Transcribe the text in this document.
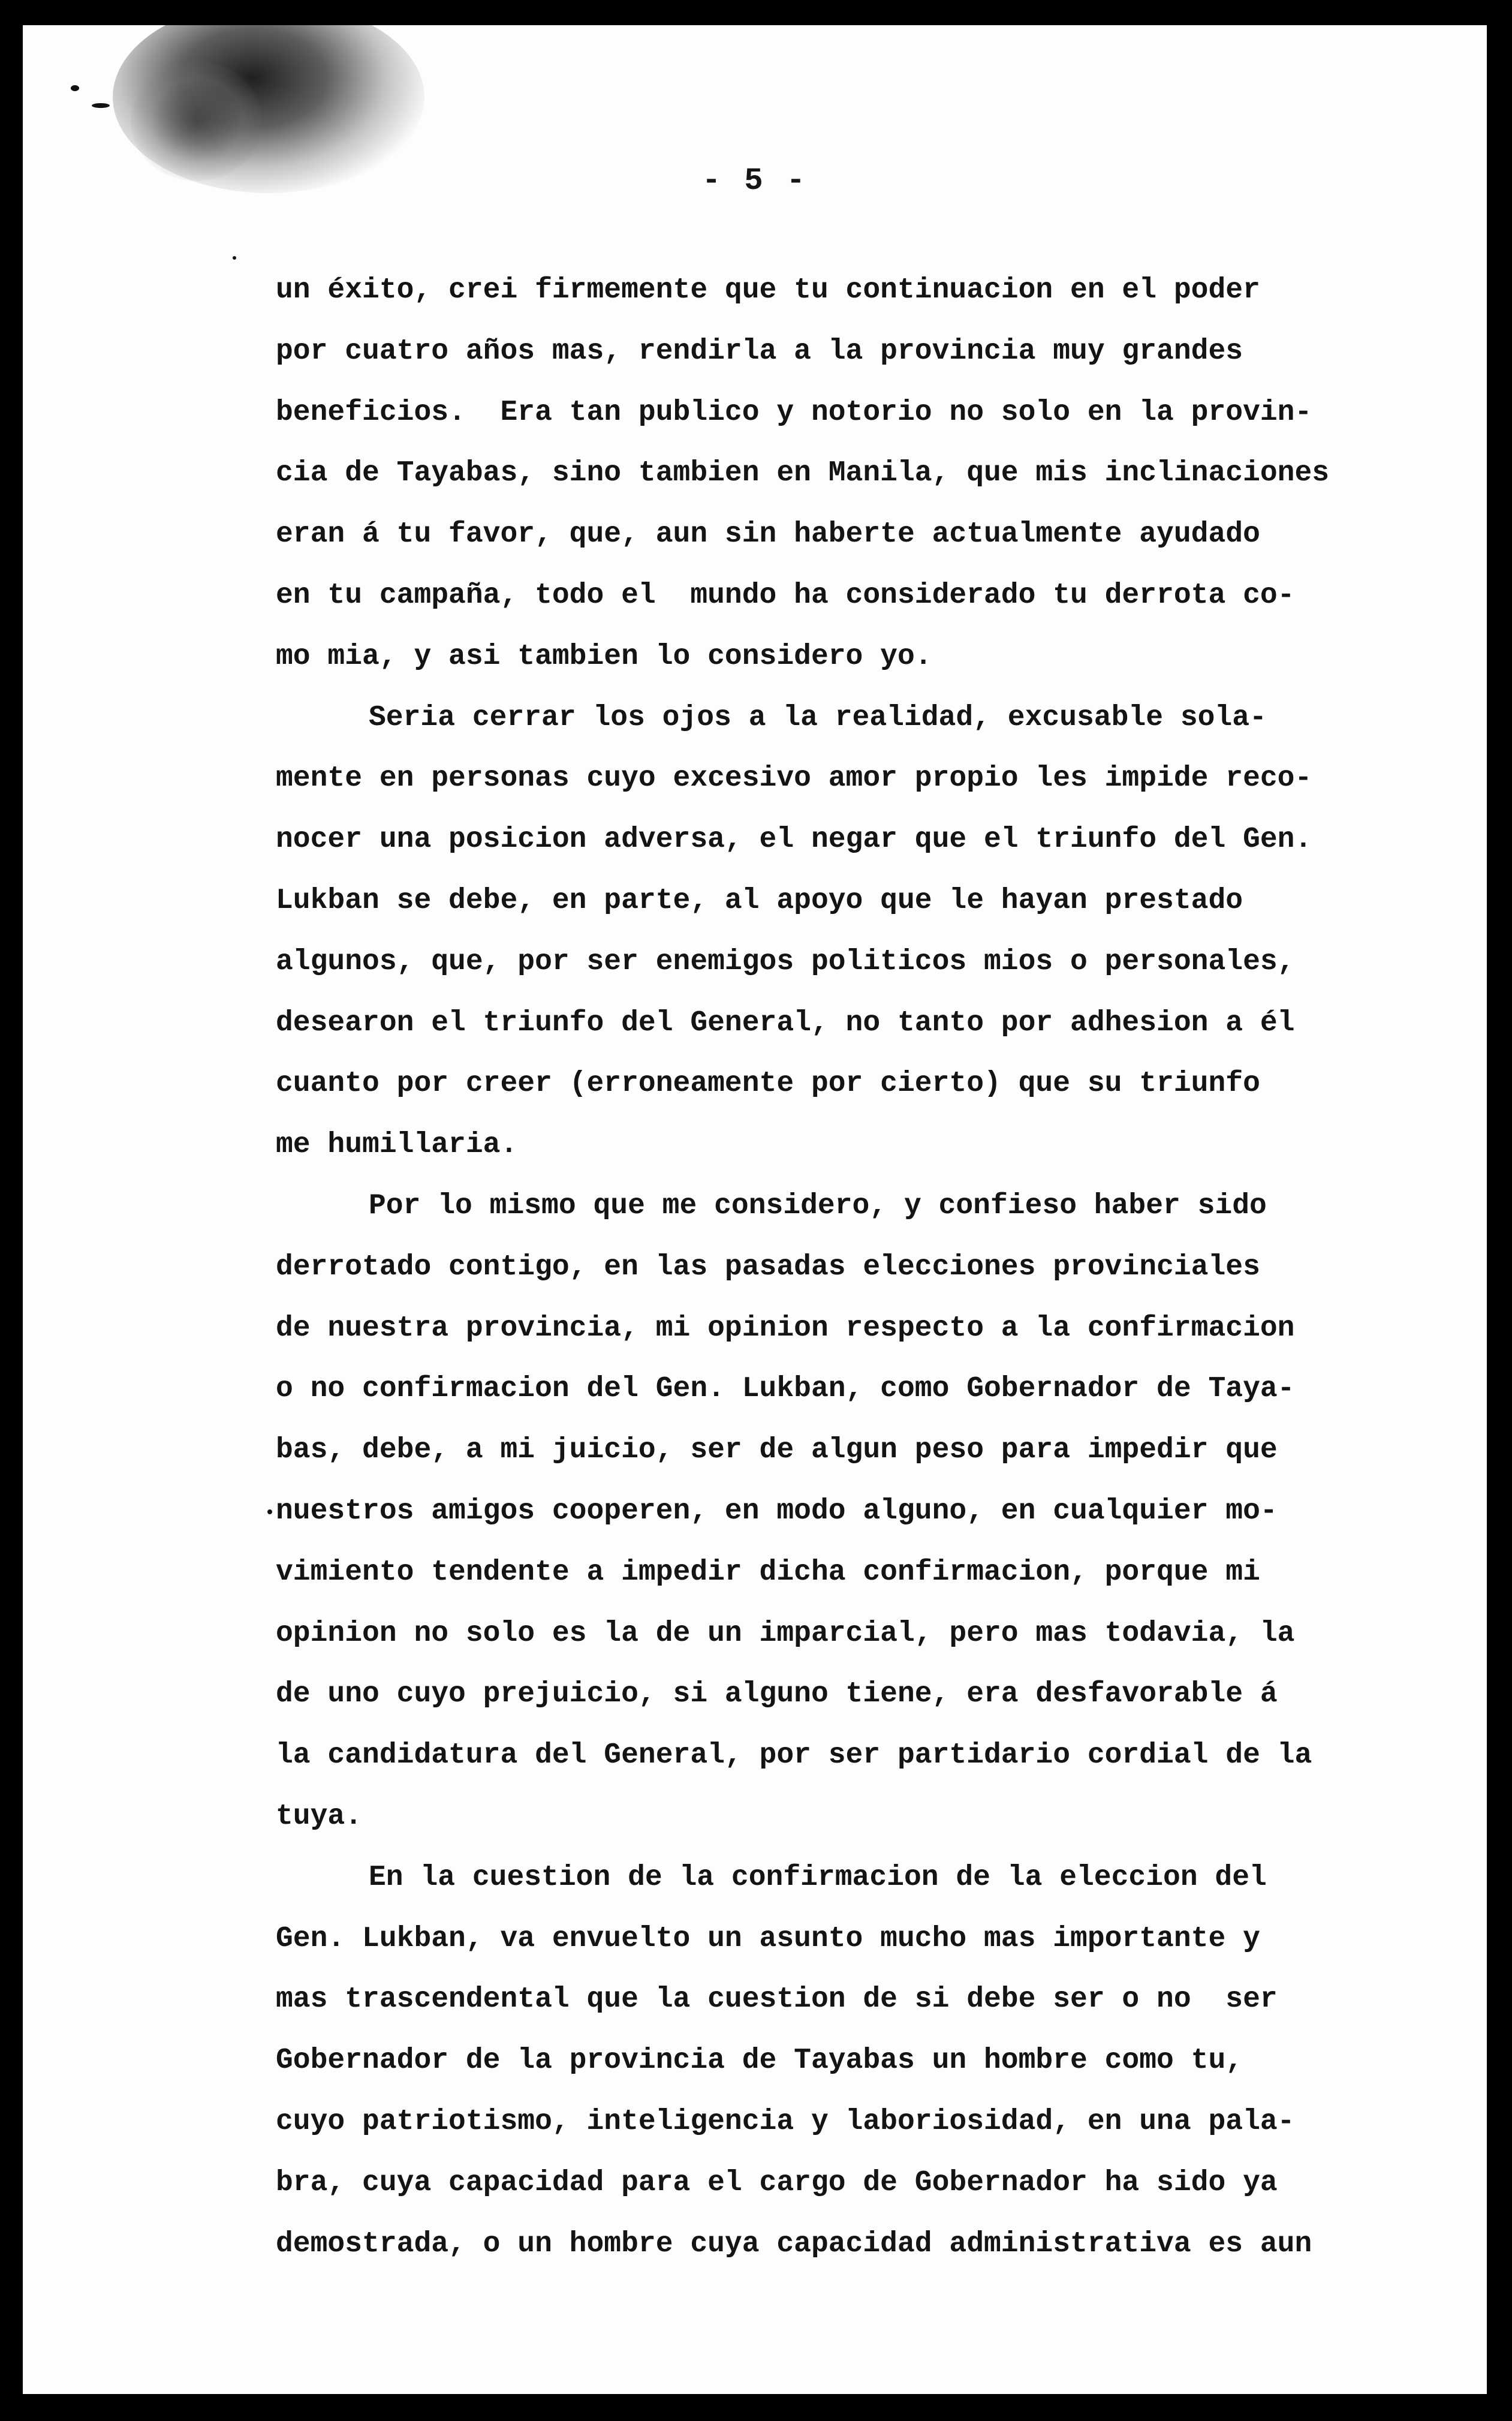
- 5 -
un éxito, crei firmemente que tu continuacion en el poder
por cuatro años mas, rendirla a la provincia muy grandes
beneficios.  Era tan publico y notorio no solo en la provin-
cia de Tayabas, sino tambien en Manila, que mis inclinaciones
eran á tu favor, que, aun sin haberte actualmente ayudado
en tu campaña, todo el  mundo ha considerado tu derrota co-
mo mia, y asi tambien lo considero yo.
Seria cerrar los ojos a la realidad, excusable sola-
mente en personas cuyo excesivo amor propio les impide reco-
nocer una posicion adversa, el negar que el triunfo del Gen.
Lukban se debe, en parte, al apoyo que le hayan prestado
algunos, que, por ser enemigos politicos mios o personales,
desearon el triunfo del General, no tanto por adhesion a él
cuanto por creer (erroneamente por cierto) que su triunfo
me humillaria.
Por lo mismo que me considero, y confieso haber sido
derrotado contigo, en las pasadas elecciones provinciales
de nuestra provincia, mi opinion respecto a la confirmacion
o no confirmacion del Gen. Lukban, como Gobernador de Taya-
bas, debe, a mi juicio, ser de algun peso para impedir que
nuestros amigos cooperen, en modo alguno, en cualquier mo-
vimiento tendente a impedir dicha confirmacion, porque mi
opinion no solo es la de un imparcial, pero mas todavia, la
de uno cuyo prejuicio, si alguno tiene, era desfavorable á
la candidatura del General, por ser partidario cordial de la
tuya.
En la cuestion de la confirmacion de la eleccion del
Gen. Lukban, va envuelto un asunto mucho mas importante y
mas trascendental que la cuestion de si debe ser o no  ser
Gobernador de la provincia de Tayabas un hombre como tu,
cuyo patriotismo, inteligencia y laboriosidad, en una pala-
bra, cuya capacidad para el cargo de Gobernador ha sido ya
demostrada, o un hombre cuya capacidad administrativa es aun
